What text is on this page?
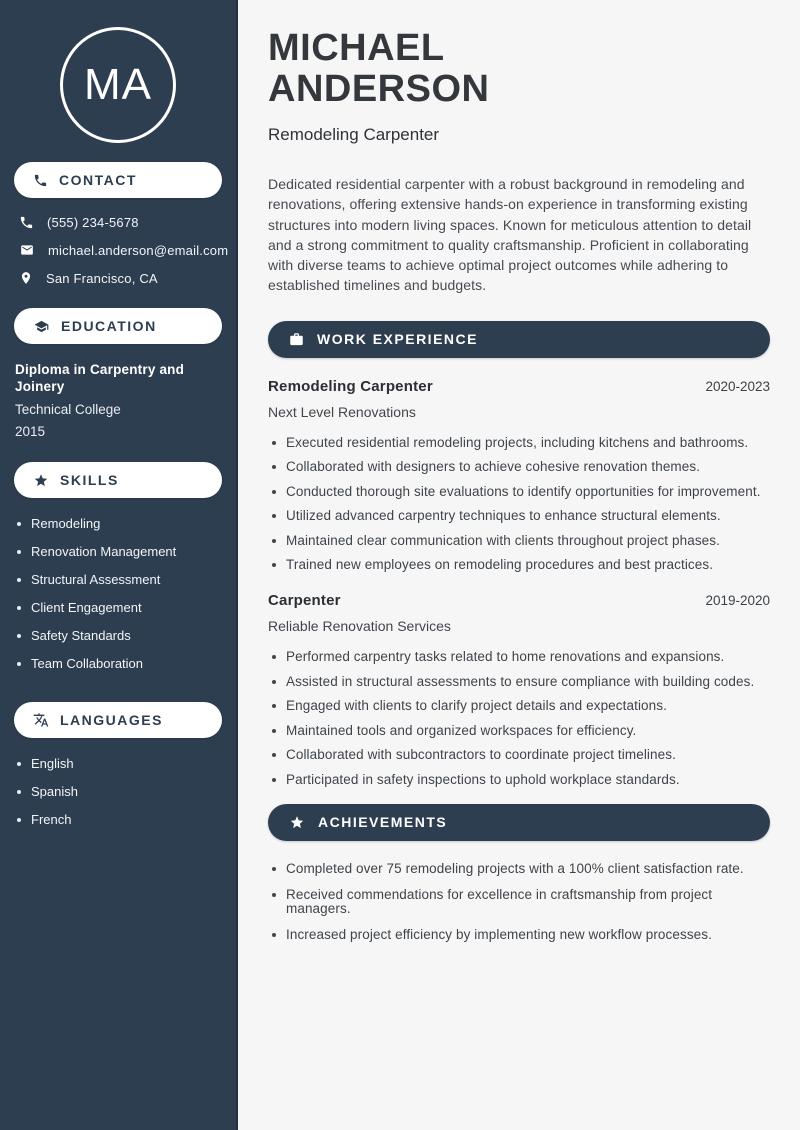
MA
CONTACT
(555) 234-5678
michael.anderson@email.com
San Francisco, CA
EDUCATION
Diploma in Carpentry and Joinery
Technical College
2015
SKILLS
Remodeling
Renovation Management
Structural Assessment
Client Engagement
Safety Standards
Team Collaboration
LANGUAGES
English
Spanish
French
MICHAEL
ANDERSON
Remodeling Carpenter

Dedicated residential carpenter with a robust background in remodeling and renovations, offering extensive hands-on experience in transforming existing structures into modern living spaces. Known for meticulous attention to detail and a strong commitment to quality craftsmanship. Proficient in collaborating with diverse teams to achieve optimal project outcomes while adhering to established timelines and budgets.

WORK EXPERIENCE
Remodeling Carpenter	2020-2023
Next Level Renovations
Executed residential remodeling projects, including kitchens and bathrooms.
Collaborated with designers to achieve cohesive renovation themes.
Conducted thorough site evaluations to identify opportunities for improvement.
Utilized advanced carpentry techniques to enhance structural elements.
Maintained clear communication with clients throughout project phases.
Trained new employees on remodeling procedures and best practices.
Carpenter	2019-2020
Reliable Renovation Services
Performed carpentry tasks related to home renovations and expansions.
Assisted in structural assessments to ensure compliance with building codes.
Engaged with clients to clarify project details and expectations.
Maintained tools and organized workspaces for efficiency.
Collaborated with subcontractors to coordinate project timelines.
Participated in safety inspections to uphold workplace standards.
ACHIEVEMENTS
Completed over 75 remodeling projects with a 100% client satisfaction rate.
Received commendations for excellence in craftsmanship from project managers.
Increased project efficiency by implementing new workflow processes.
